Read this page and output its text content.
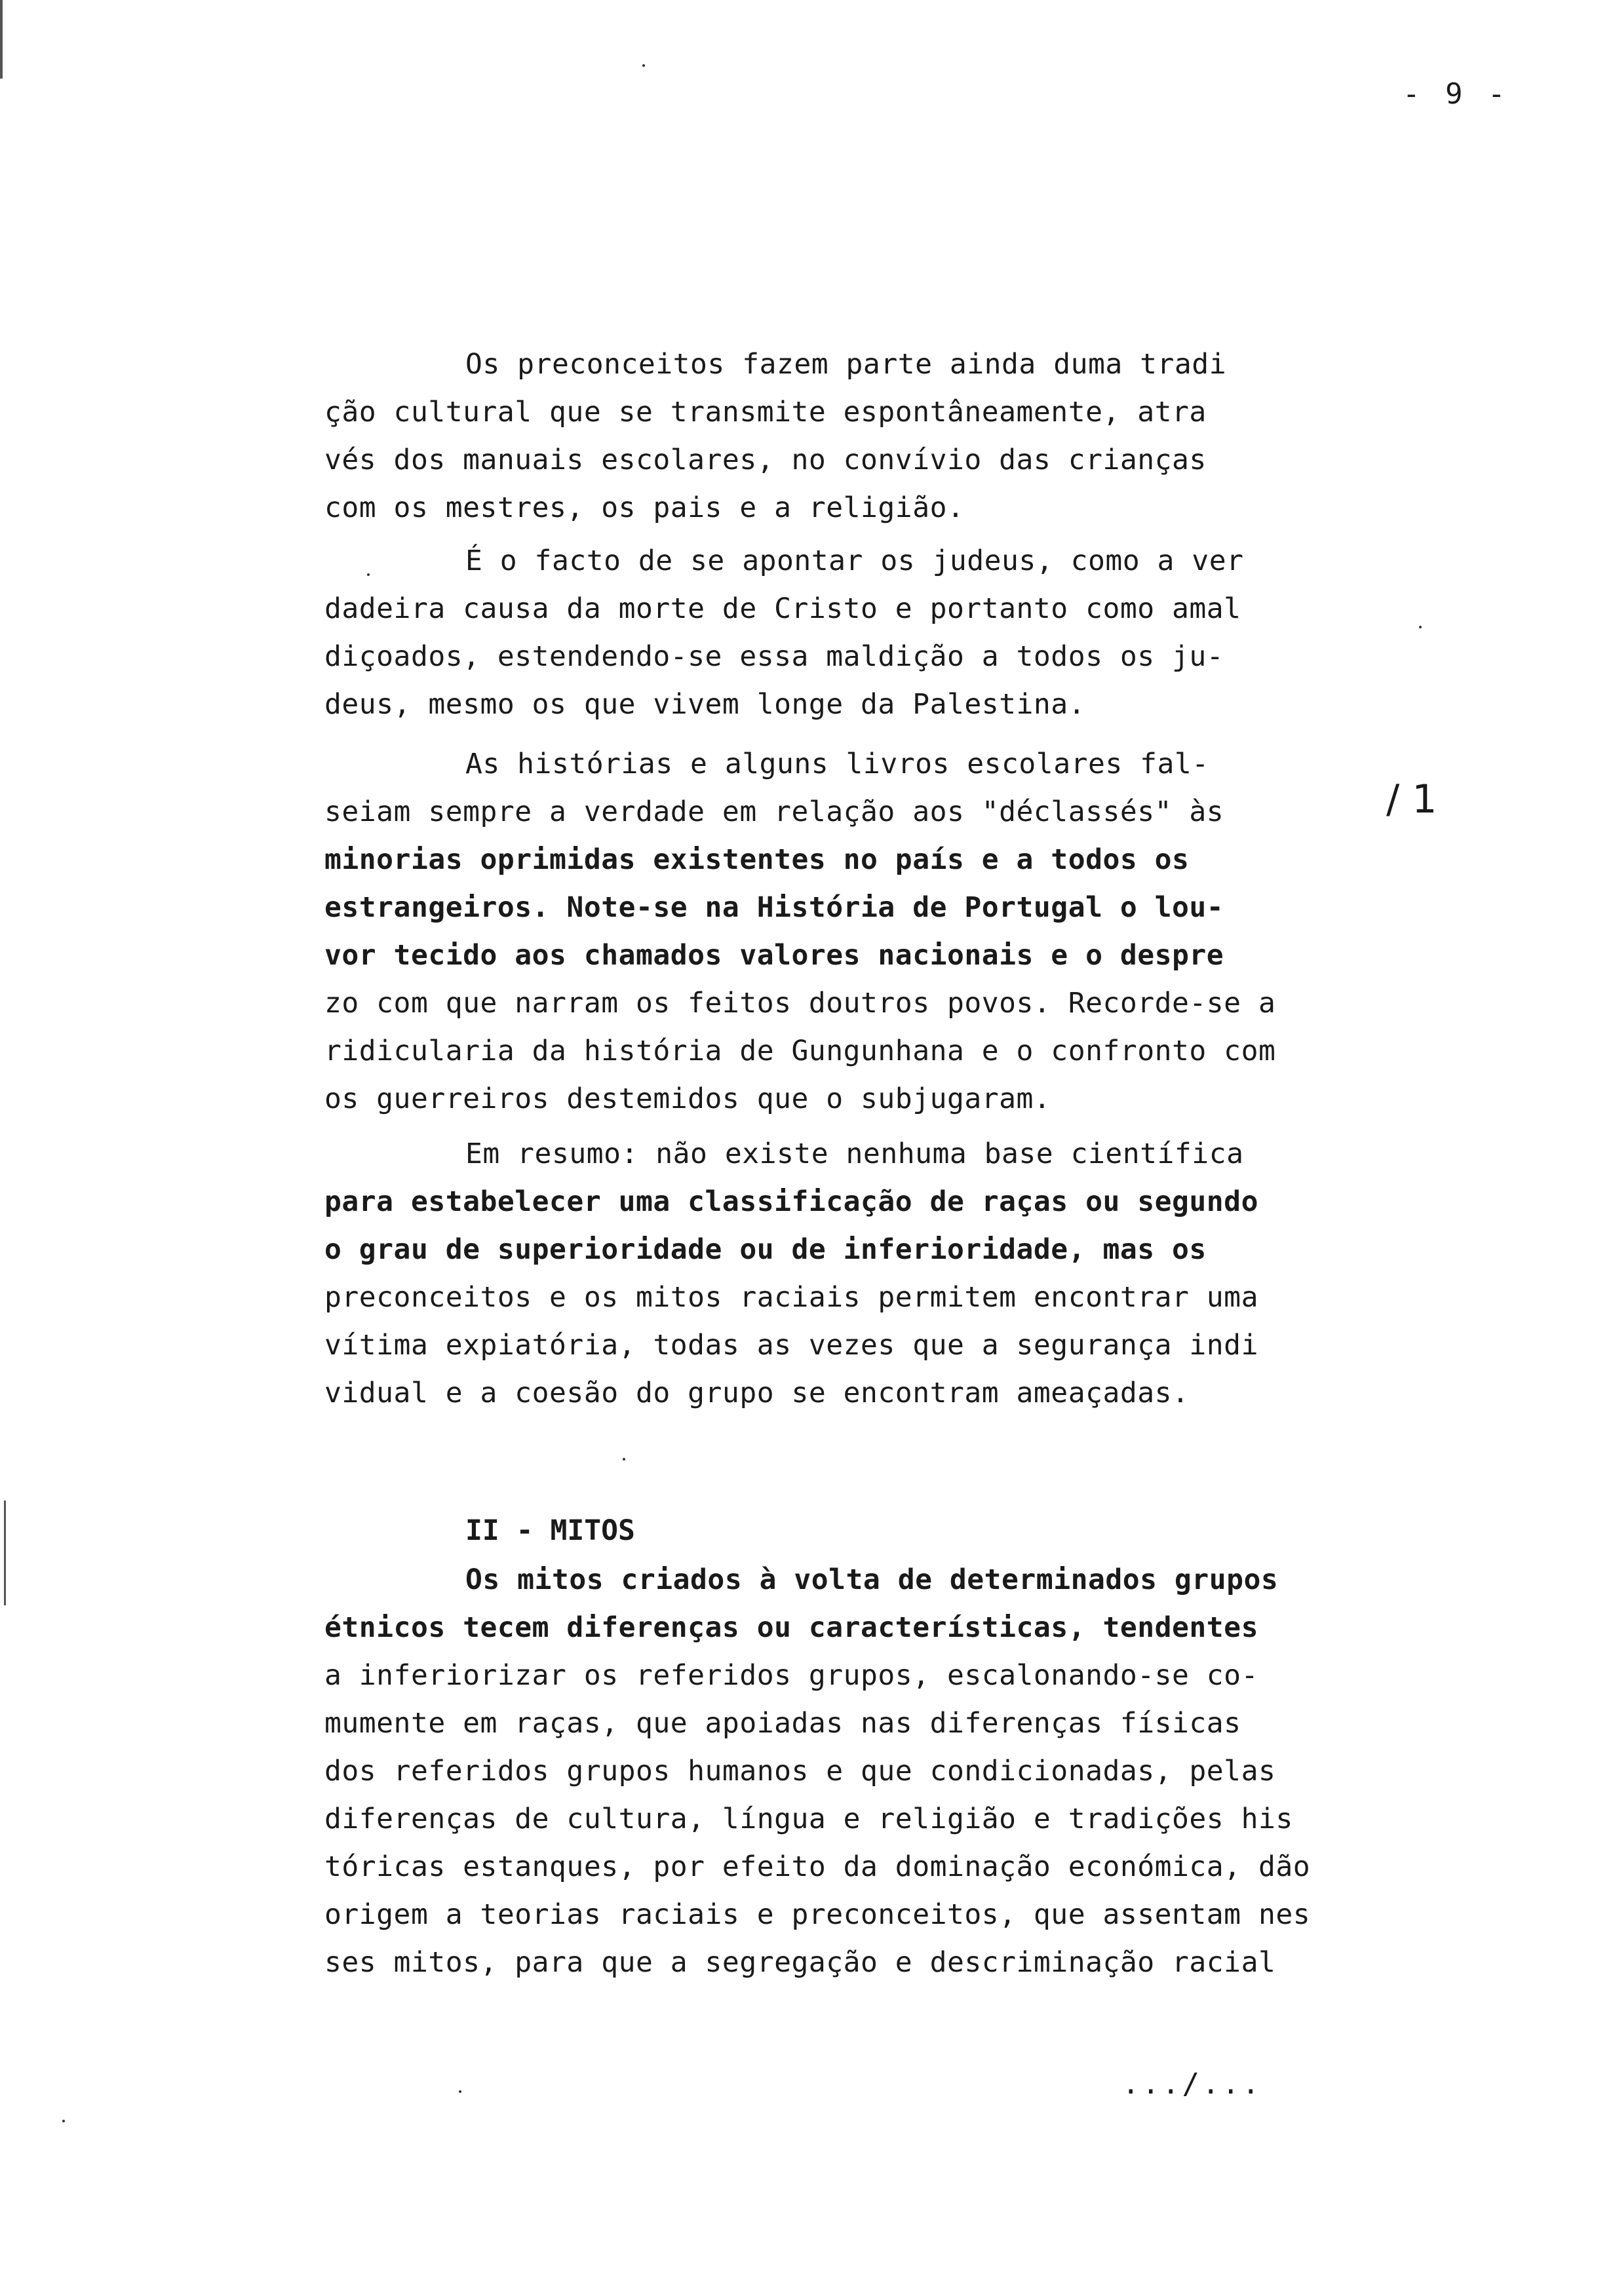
- 9 -
Os preconceitos fazem parte ainda duma tradi
ção cultural que se transmite espontâneamente, atra
vés dos manuais escolares, no convívio das crianças
com os mestres, os pais e a religião.
É o facto de se apontar os judeus, como a ver
dadeira causa da morte de Cristo e portanto como amal
diçoados, estendendo-se essa maldição a todos os ju-
deus, mesmo os que vivem longe da Palestina.
As histórias e alguns livros escolares fal-
seiam sempre a verdade em relação aos "déclassés" às
minorias oprimidas existentes no país e a todos os
estrangeiros. Note-se na História de Portugal o lou-
vor tecido aos chamados valores nacionais e o despre
zo com que narram os feitos doutros povos. Recorde-se a
ridicularia da história de Gungunhana e o confronto com
os guerreiros destemidos que o subjugaram.
/ 1
Em resumo: não existe nenhuma base científica
para estabelecer uma classificação de raças ou segundo
o grau de superioridade ou de inferioridade, mas os
preconceitos e os mitos raciais permitem encontrar uma
vítima expiatória, todas as vezes que a segurança indi
vidual e a coesão do grupo se encontram ameaçadas.
II - MITOS
Os mitos criados à volta de determinados grupos
étnicos tecem diferenças ou características, tendentes
a inferiorizar os referidos grupos, escalonando-se co-
mumente em raças, que apoiadas nas diferenças físicas
dos referidos grupos humanos e que condicionadas, pelas
diferenças de cultura, língua e religião e tradições his
tóricas estanques, por efeito da dominação económica, dão
origem a teorias raciais e preconceitos, que assentam nes
ses mitos, para que a segregação e descriminação racial
.../...
